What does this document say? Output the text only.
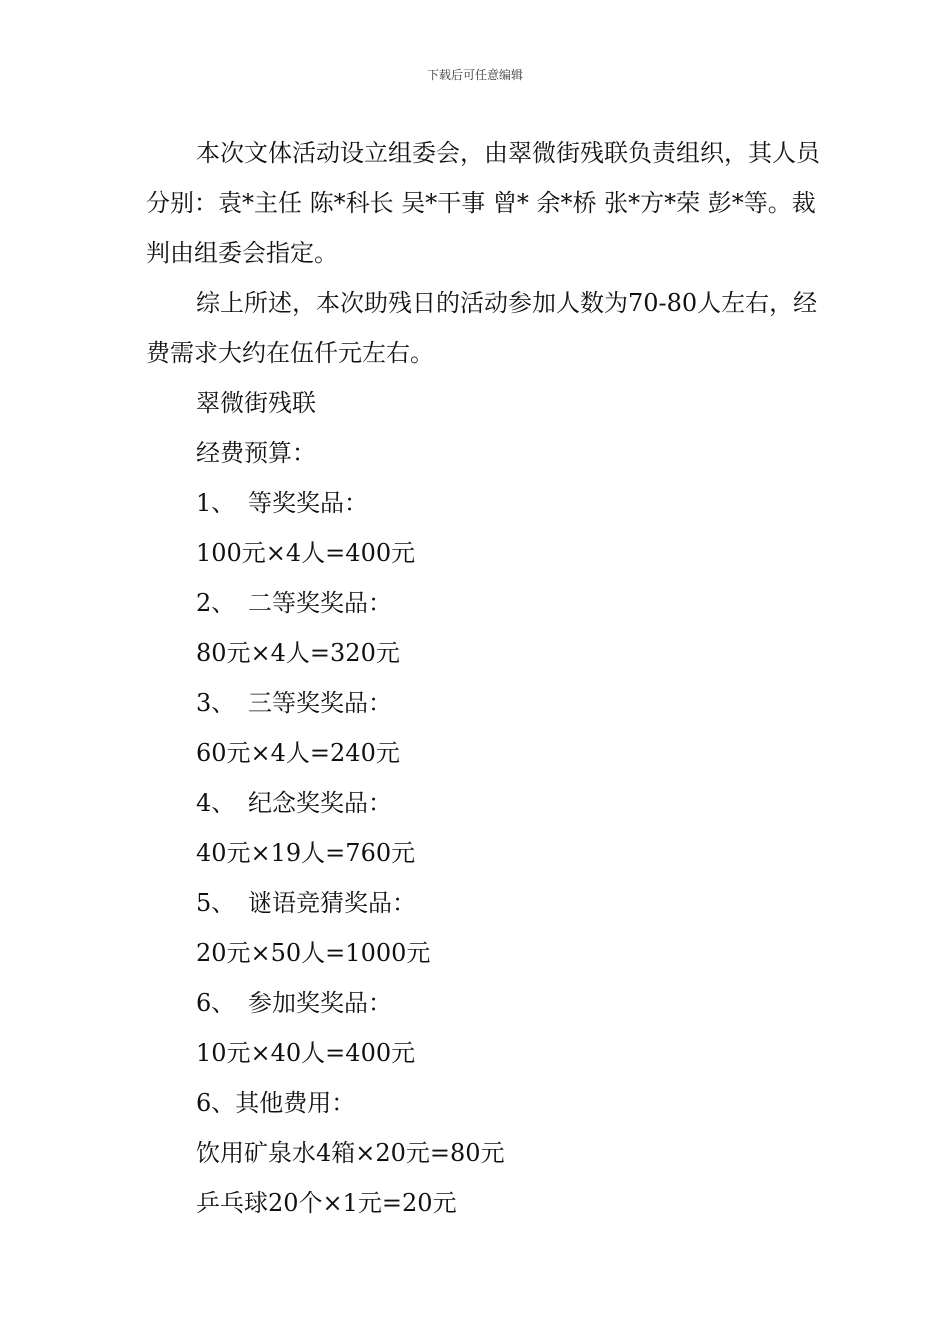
下载后可任意编辑

本次文体活动设立组委会，由翠微街残联负责组织，其人员分别：袁*主任 陈*科长 吴*干事 曾* 余*桥 张*方*荣 彭*等。裁判由组委会指定。

综上所述，本次助残日的活动参加人数为70-80人左右，经费需求大约在伍仟元左右。

翠微街残联

经费预算：

1、 等奖奖品：

100元×4人=400元

2、 二等奖奖品：

80元×4人=320元

3、 三等奖奖品：

60元×4人=240元

4、 纪念奖奖品：

40元×19人=760元

5、 谜语竞猜奖品：

20元×50人=1000元

6、 参加奖奖品：

10元×40人=400元

6、其他费用：

饮用矿泉水4箱×20元=80元

乒乓球20个×1元=20元
